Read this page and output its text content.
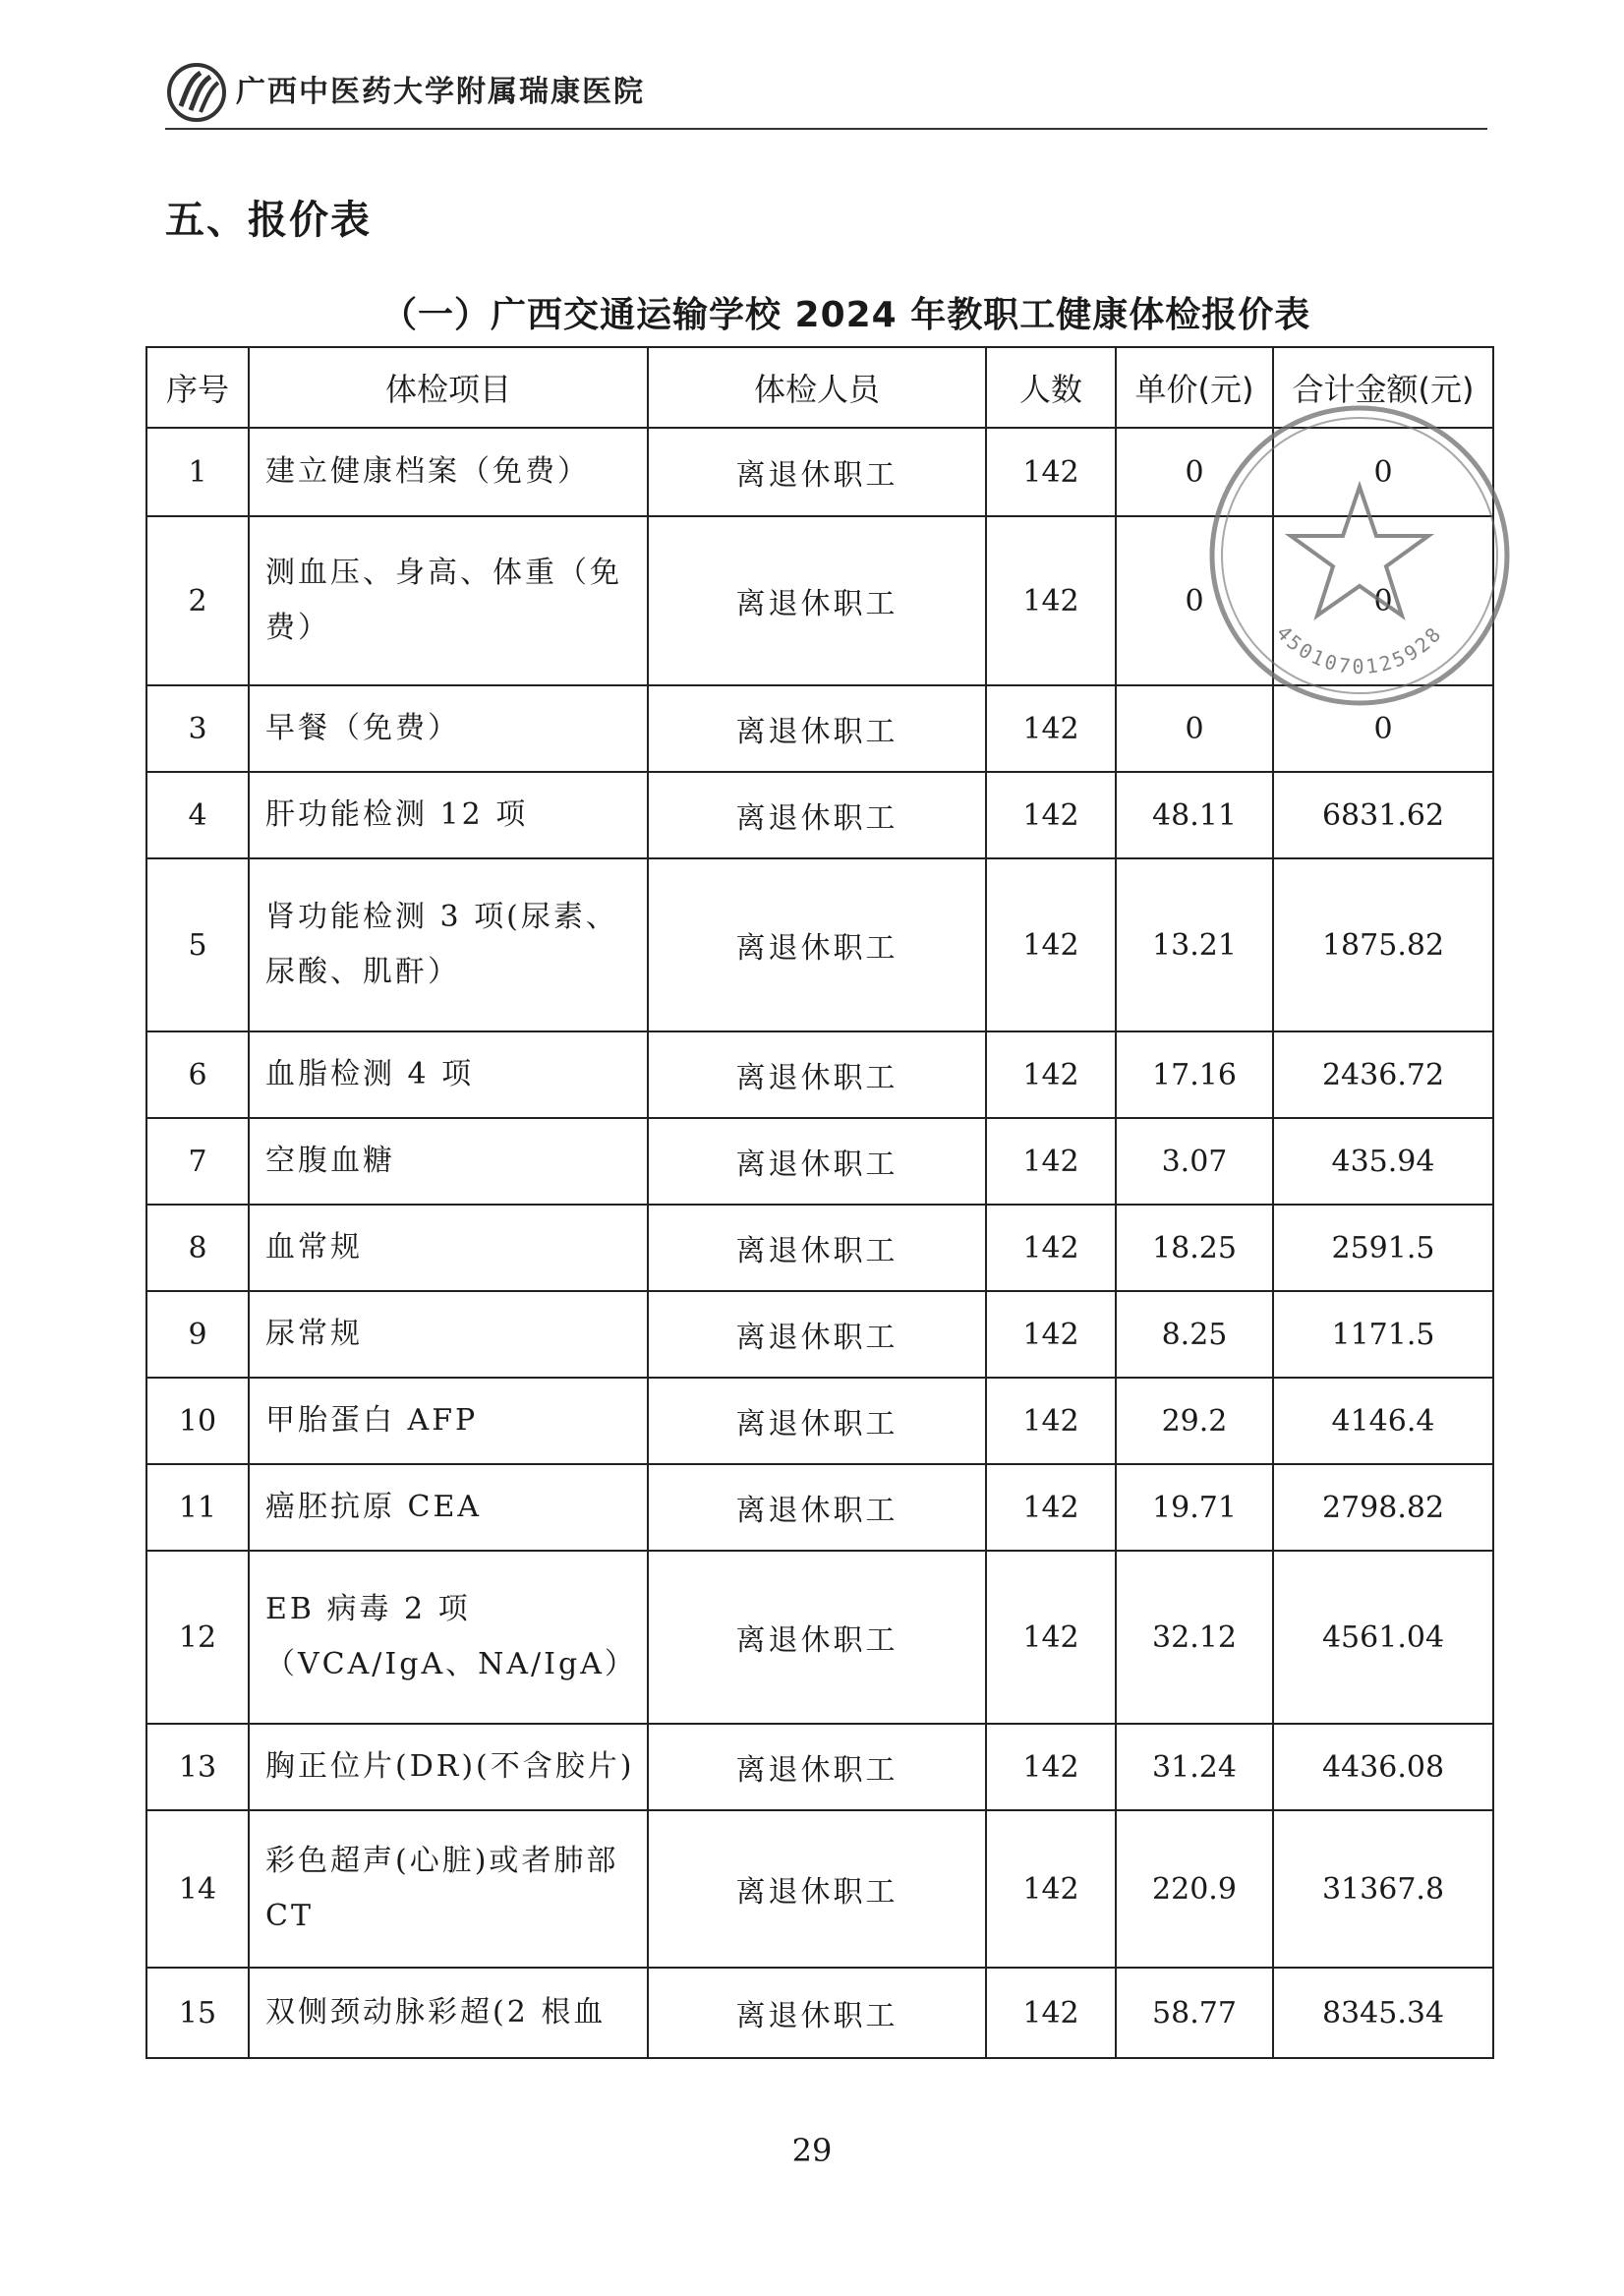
广西中医药大学附属瑞康医院
五、报价表
（一）广西交通运输学校 2024 年教职工健康体检报价表
序号	体检项目	体检人员	人数	单价(元)	合计金额(元)
1	建立健康档案（免费）	离退休职工	142	0	0
2	测血压、身高、体重（免费）	离退休职工	142	0	0
3	早餐（免费）	离退休职工	142	0	0
4	肝功能检测 12 项	离退休职工	142	48.11	6831.62
5	肾功能检测 3 项(尿素、尿酸、肌酐）	离退休职工	142	13.21	1875.82
6	血脂检测 4 项	离退休职工	142	17.16	2436.72
7	空腹血糖	离退休职工	142	3.07	435.94
8	血常规	离退休职工	142	18.25	2591.5
9	尿常规	离退休职工	142	8.25	1171.5
10	甲胎蛋白 AFP	离退休职工	142	29.2	4146.4
11	癌胚抗原 CEA	离退休职工	142	19.71	2798.82
12	EB 病毒 2 项（VCA/IgA、NA/IgA）	离退休职工	142	32.12	4561.04
13	胸正位片(DR)(不含胶片)	离退休职工	142	31.24	4436.08
14	彩色超声(心脏)或者肺部 CT	离退休职工	142	220.9	31367.8
15	双侧颈动脉彩超(2 根血	离退休职工	142	58.77	8345.34
4501070125928
29
